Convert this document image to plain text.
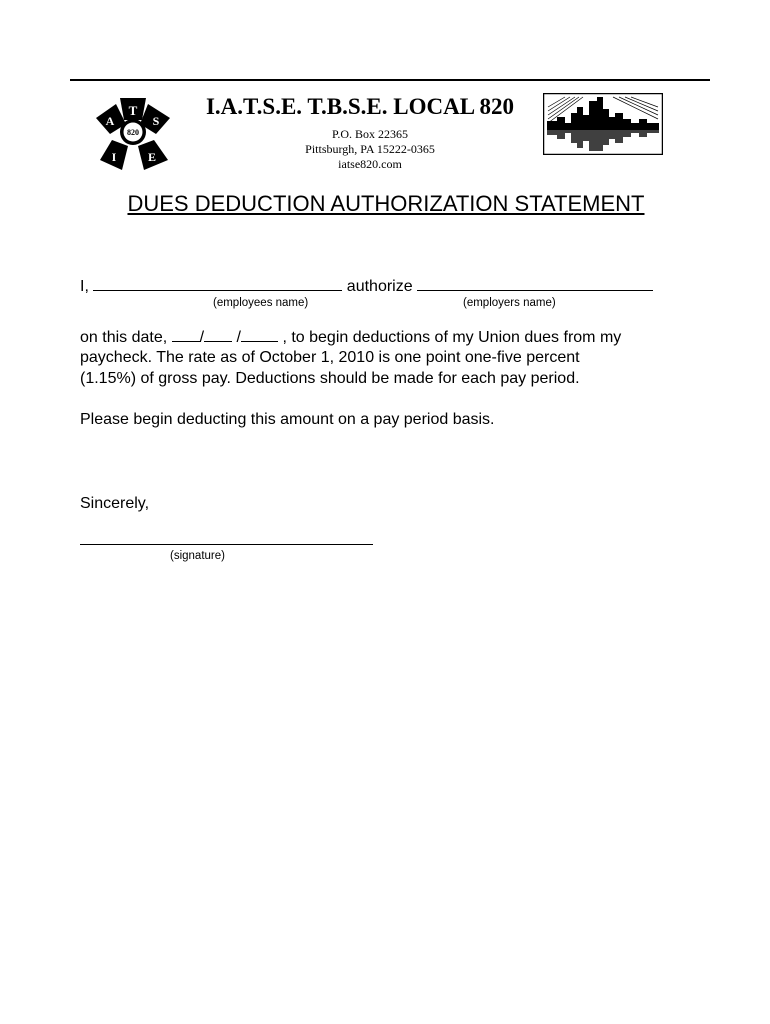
T
S
E
I
A
820
I.A.T.S.E. T.B.S.E. LOCAL 820
P.O. Box 22365
Pittsburgh, PA 15222-0365
iatse820.com
DUES DEDUCTION AUTHORIZATION STATEMENT
I,	authorize
(employees name)	(employers name)
on this date, / /	, to begin deductions of my Union dues from my
paycheck. The rate as of October 1, 2010 is one point one-five percent
(1.15%) of gross pay. Deductions should be made for each pay period.
Please begin deducting this amount on a pay period basis.
Sincerely,
(signature)
